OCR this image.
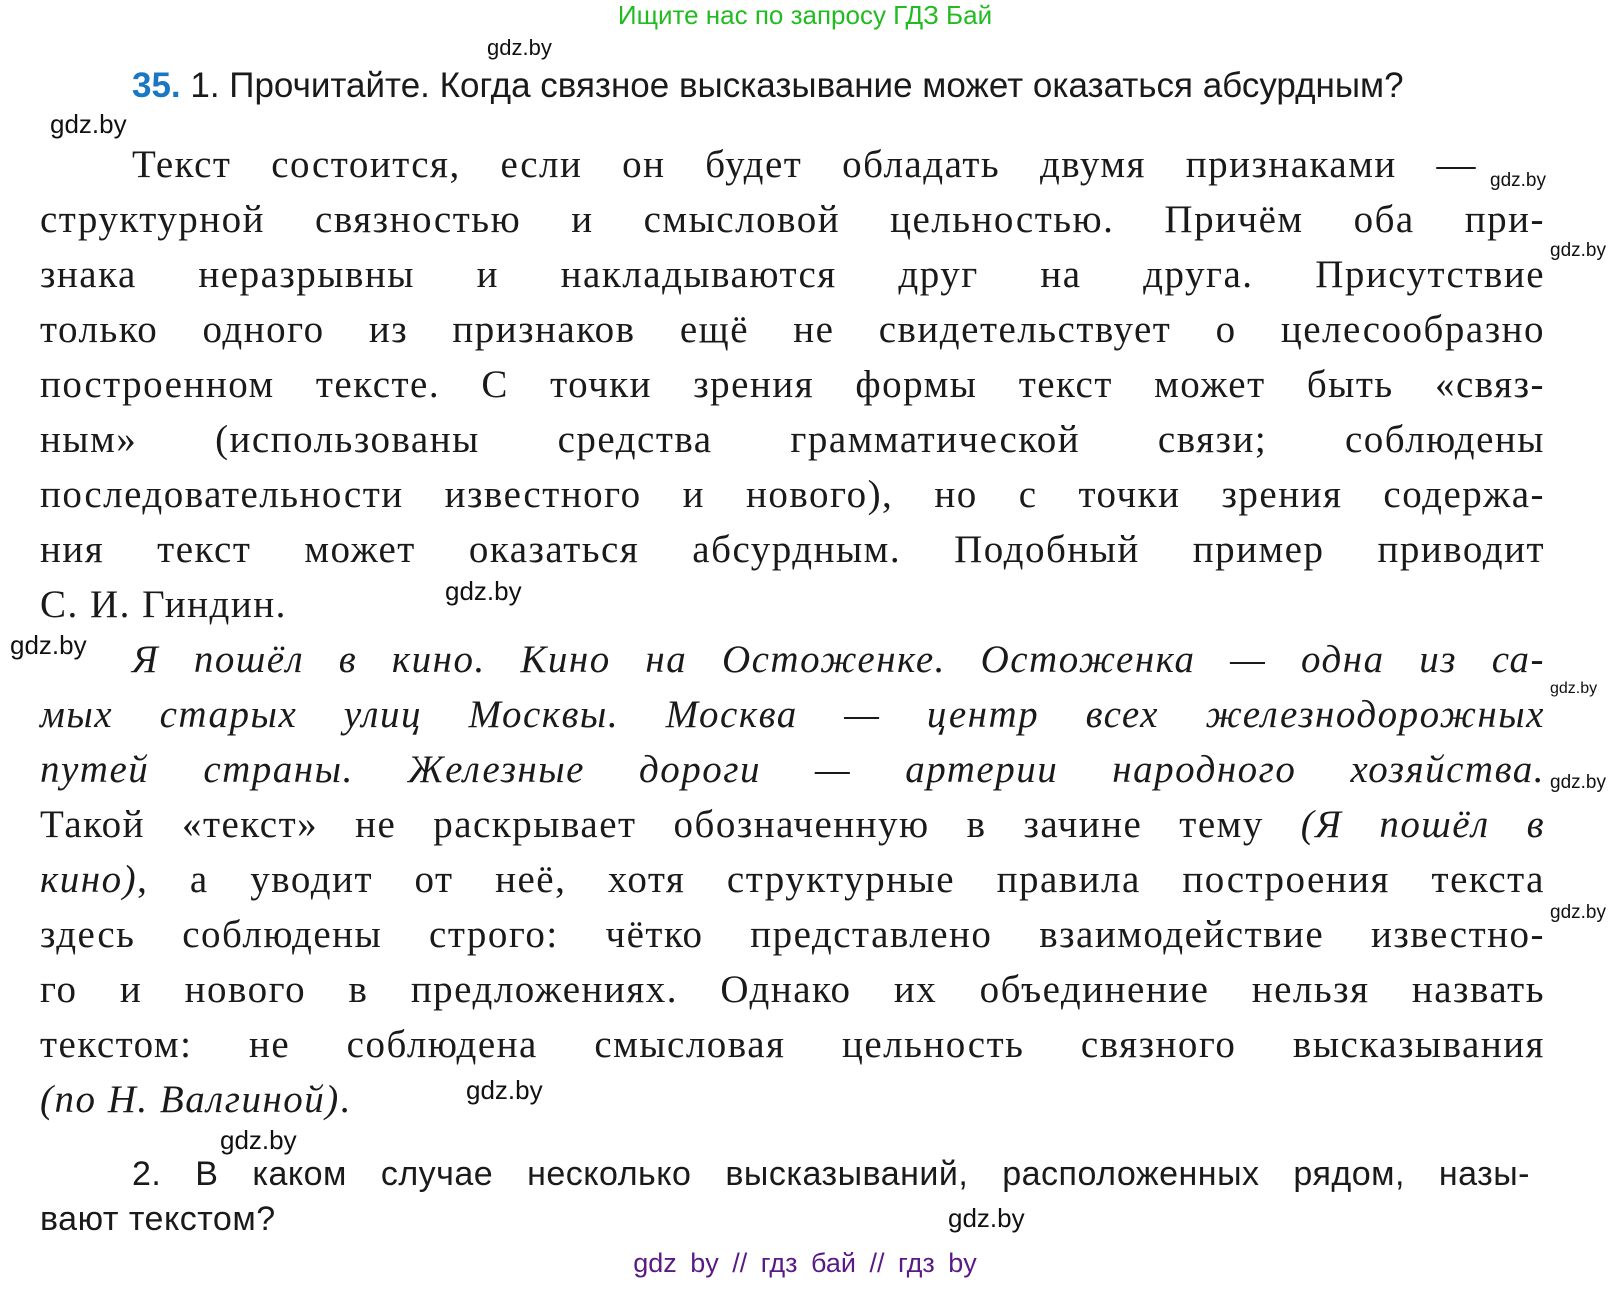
Ищите нас по запросу ГДЗ Бай
35. 1. Прочитайте. Когда связное высказывание может оказаться абсурдным?
Текст состоится, если он будет обладать двумя признаками —
структурной связностью и смысловой цельностью. Причём оба при-
знака неразрывны и накладываются друг на друга. Присутствие
только одного из признаков ещё не свидетельствует о целесообразно
построенном тексте. С точки зрения формы текст может быть «связ-
ным» (использованы средства грамматической связи; соблюдены
последовательности известного и нового), но с точки зрения содержа-
ния текст может оказаться абсурдным. Подобный пример приводит
С. И. Гиндин.
Я пошёл в кино. Кино на Остоженке. Остоженка — одна из са-
мых старых улиц Москвы. Москва — центр всех железнодорожных
путей страны. Железные дороги — артерии народного хозяйства.
Такой «текст» не раскрывает обозначенную в зачине тему (Я пошёл в
кино), а уводит от неё, хотя структурные правила построения текста
здесь соблюдены строго: чётко представлено взаимодействие известно-
го и нового в предложениях. Однако их объединение нельзя назвать
текстом: не соблюдена смысловая цельность связного высказывания
(по Н. Валгиной).
2. В каком случае несколько высказываний, расположенных рядом, назы-
вают текстом?
gdz.by
gdz.by
gdz.by
gdz.by
gdz.by
gdz.by
gdz.by
gdz.by
gdz.by
gdz.by
gdz.by
gdz.by
gdz by // гдз бай // гдз by
